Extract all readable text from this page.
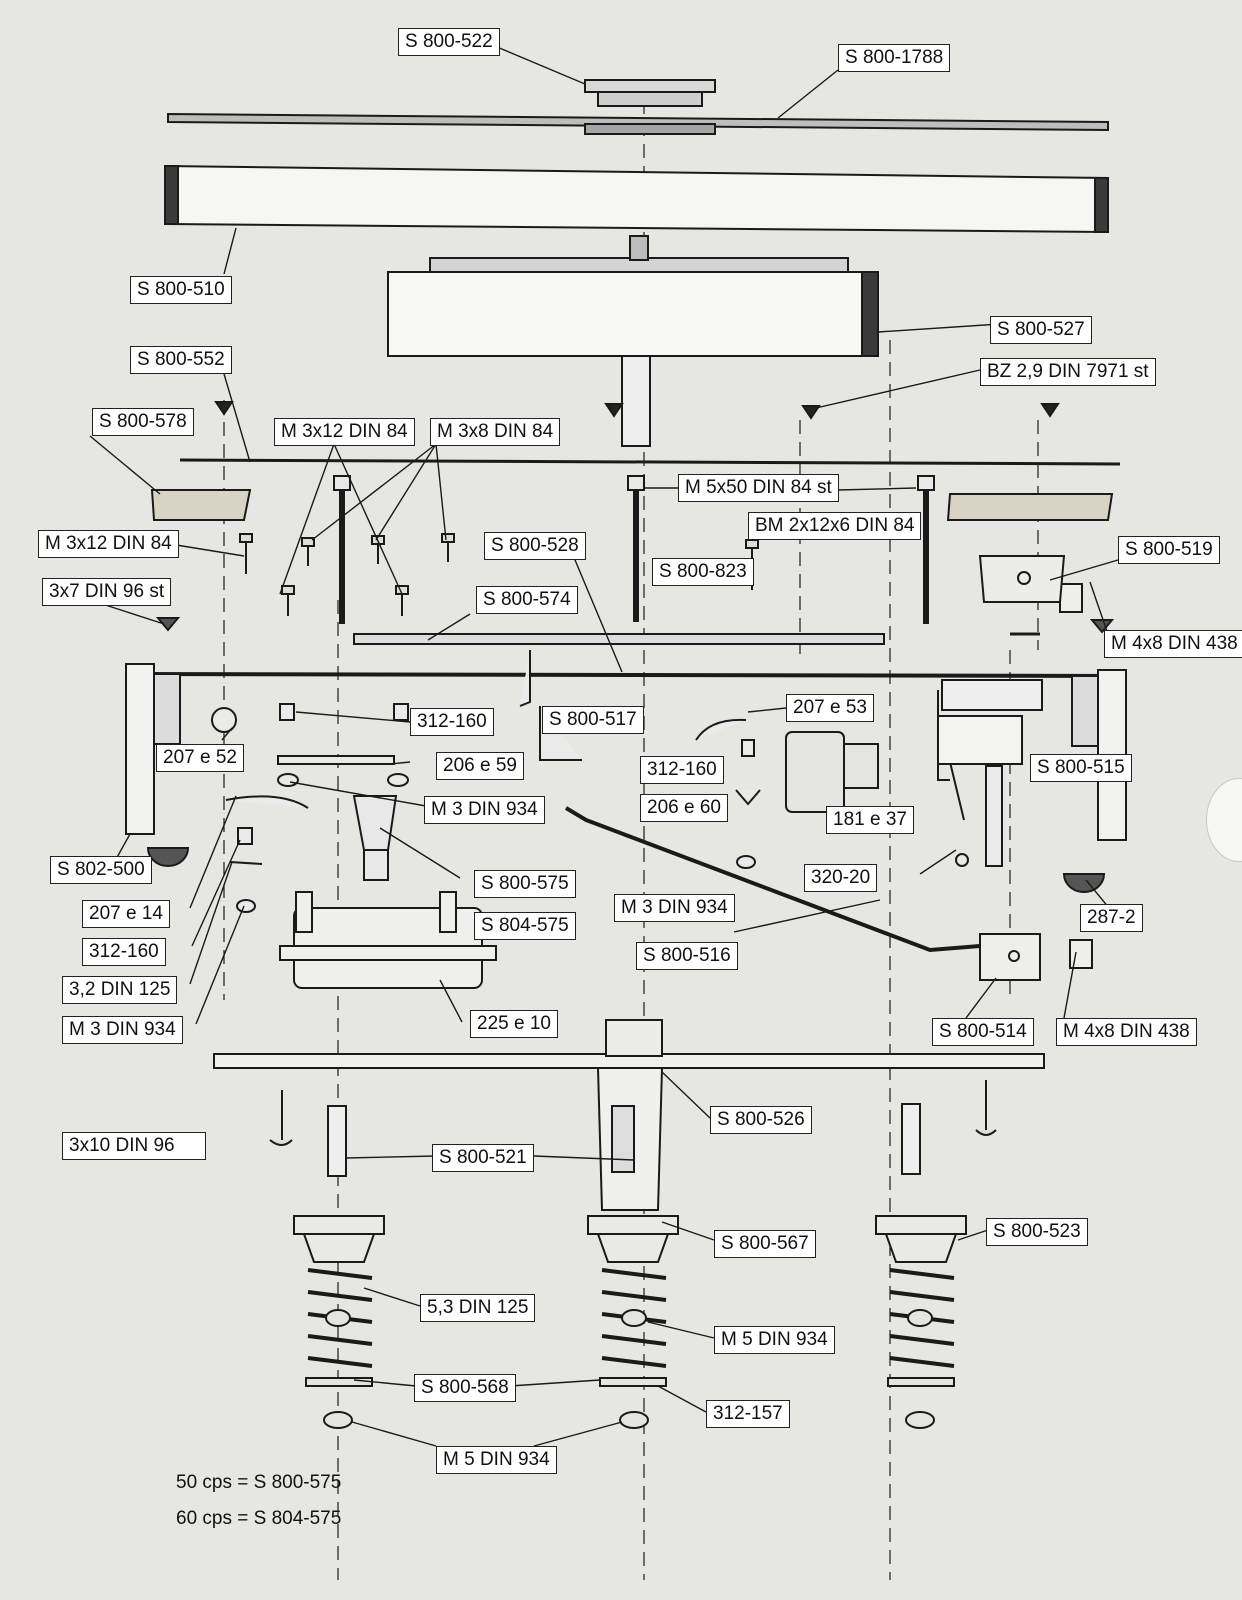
S 800-522
S 800-1788
S 800-510
S 800-527
S 800-552
BZ 2,9 DIN 7971 st
S 800-578	M 3x12 DIN 84	M 3x8 DIN 84
M 5x50 DIN 84 st
BM 2x12x6 DIN 84
M 3x12 DIN 84	S 800-528
S 800-823
S 800-519
3x7 DIN 96 st	S 800-574
M 4x8 DIN 438
312-160	S 800-517
207 e 53
207 e 52	206 e 59	312-160	S 800-515
M 3 DIN 934	206 e 60
181 e 37
S 802-500
S 800-575	320-20
207 e 14	M 3 DIN 934	287-2
S 804-575
312-160	S 800-516
3,2 DIN 125
225 e 10
M 3 DIN 934	S 800-514	M 4x8 DIN 438
S 800-526
3x10 DIN 96
S 800-521
S 800-567
S 800-523
5,3 DIN 125
M 5 DIN 934
S 800-568
312-157
M 5 DIN 934
50 cps = S 800-575
60 cps = S 804-575
